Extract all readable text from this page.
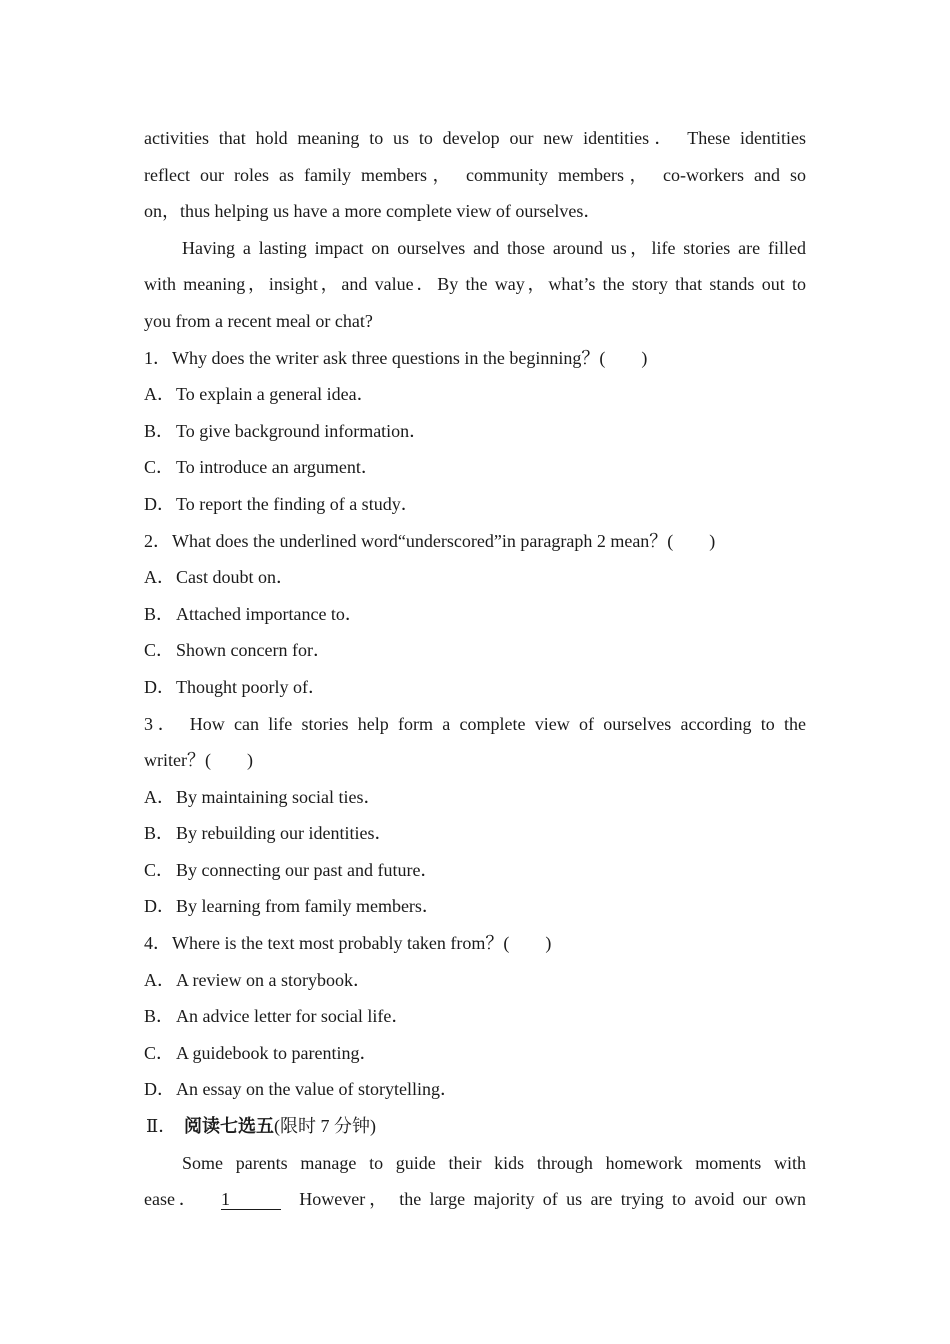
activities that hold meaning to us to develop our new identities． These identities
reflect our roles as family members， community members， co-workers and so
on，thus helping us have a more complete view of ourselves．
Having a lasting impact on ourselves and those around us，life stories are filled
with meaning，insight，and value．By the way，what’s the story that stands out to
you from a recent meal or chat?
1．Why does the writer ask three questions in the beginning？(　　)
A．To explain a general idea．
B． To give background information．
C． To introduce an argument．
D．To report the finding of a study．
2．What does the underlined word“underscored”in paragraph 2 mean？(　　)
A．Cast doubt on．
B． Attached importance to．
C． Shown concern for．
D．Thought poorly of．
3． How can life stories help form a complete view of ourselves according to the
writer？(　　)
A．By maintaining social ties．
B． By rebuilding our identities．
C． By connecting our past and future．
D．By learning from family members．
4．Where is the text most probably taken from？(　　)
A．A review on a storybook．
B． An advice letter for social life．
C． A guidebook to parenting．
D．An essay on the value of storytelling．
Ⅱ． 阅读七选五(限时 7 分钟)
Some parents manage to guide their kids through homework moments with
ease． 1	However， the large majority of us are trying to avoid our own
